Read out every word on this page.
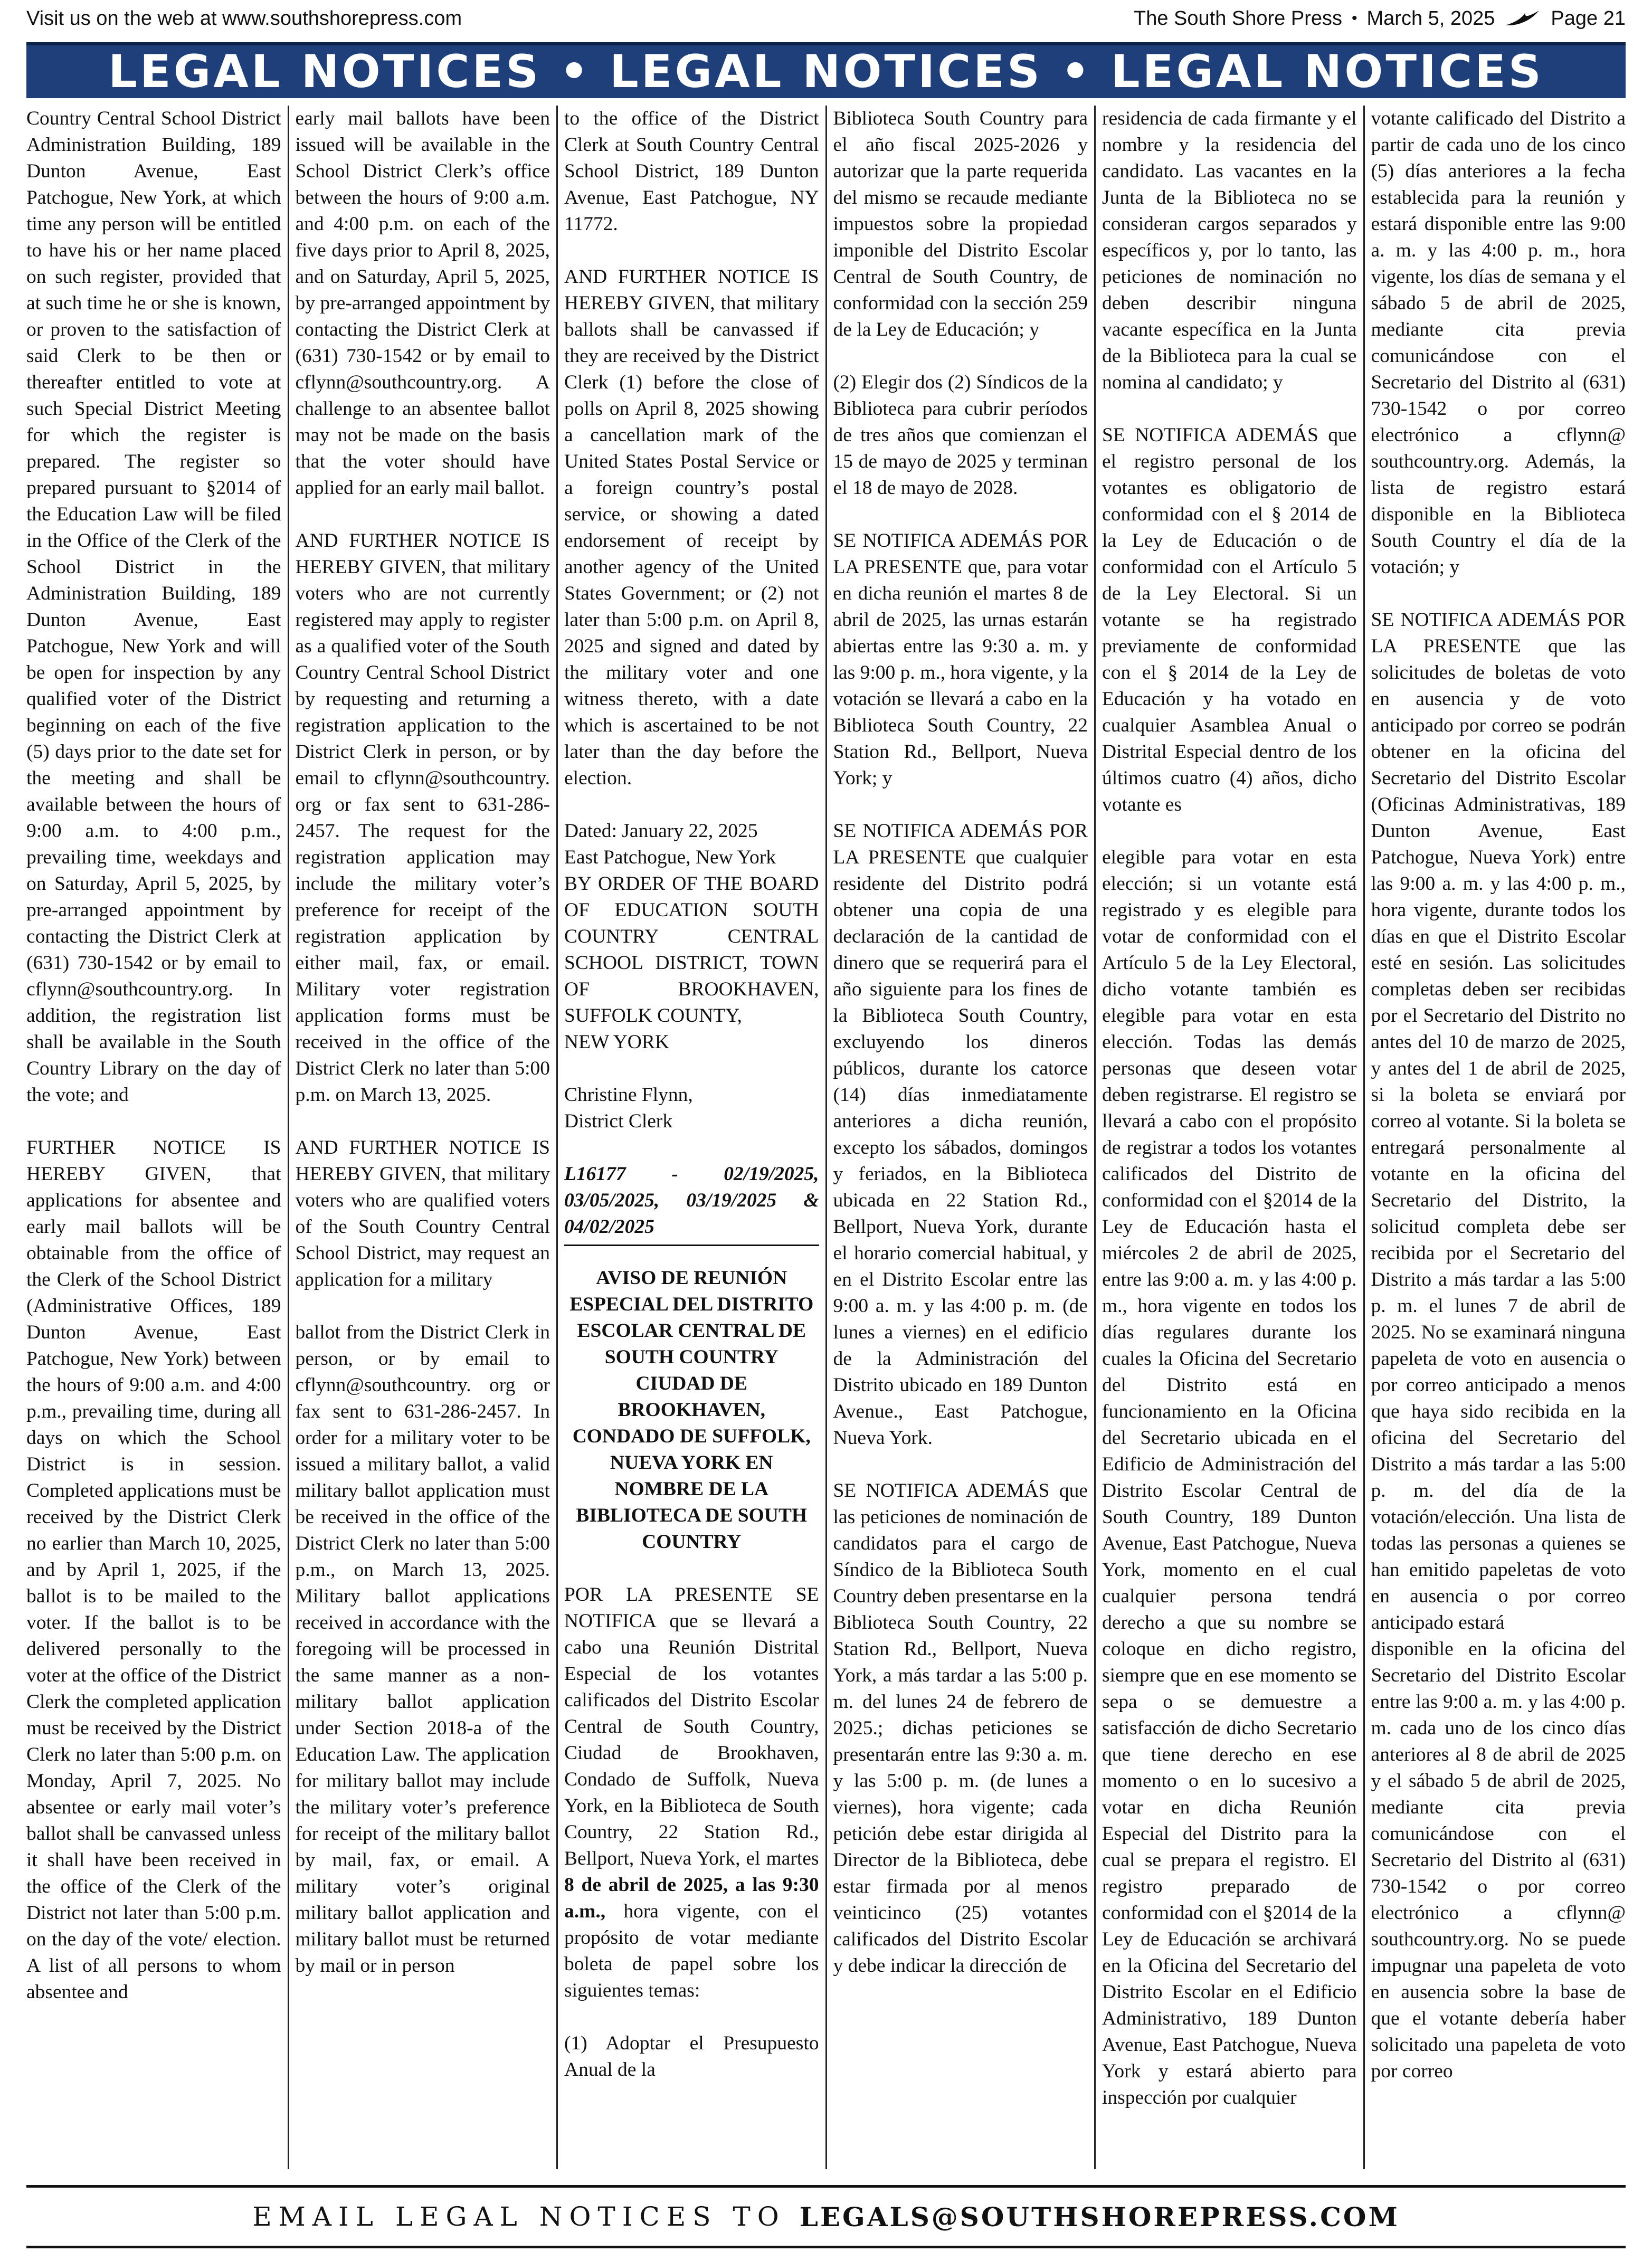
Visit us on the web at www.southshorepress.com	The South Shore Press • March 5, 2025	Page 21
LEGAL NOTICES • LEGAL NOTICES • LEGAL NOTICES

Country Central School District Administration Building, 189 Dunton Avenue, East Patchogue, New York, at which time any person will be entitled to have his or her name placed on such register, provided that at such time he or she is known, or proven to the satisfaction of said Clerk to be then or thereafter entitled to vote at such Special District Meeting for which the register is prepared. The register so prepared pursuant to §2014 of the Education Law will be filed in the Office of the Clerk of the School District in the Administration Building, 189 Dunton Avenue, East Patchogue, New York and will be open for inspection by any qualified voter of the District beginning on each of the five (5) days prior to the date set for the meeting and shall be available between the hours of 9:00 a.m. to 4:00 p.m., prevailing time, weekdays and on Saturday, April 5, 2025, by pre-arranged appointment by contacting the District Clerk at (631) 730-1542 or by email to cflynn@southcountry.org. In addition, the registration list shall be available in the South Country Library on the day of the vote; and

FURTHER NOTICE IS HEREBY GIVEN, that applications for absentee and early mail ballots will be obtainable from the office of the Clerk of the School District (Administrative Offices, 189 Dunton Avenue, East Patchogue, New York) between the hours of 9:00 a.m. and 4:00 p.m., prevailing time, during all days on which the School District is in session. Completed applications must be received by the District Clerk no earlier than March 10, 2025, and by April 1, 2025, if the ballot is to be mailed to the voter. If the ballot is to be delivered personally to the voter at the office of the District Clerk the completed application must be received by the District Clerk no later than 5:00 p.m. on Monday, April 7, 2025. No absentee or early mail voter’s ballot shall be canvassed unless it shall have been received in the office of the Clerk of the District not later than 5:00 p.m. on the day of the vote/ election. A list of all persons to whom absentee and

early mail ballots have been issued will be available in the School District Clerk’s office between the hours of 9:00 a.m. and 4:00 p.m. on each of the five days prior to April 8, 2025, and on Saturday, April 5, 2025, by pre-arranged appointment by contacting the District Clerk at (631) 730-1542 or by email to cflynn@southcountry.org. A challenge to an absentee ballot may not be made on the basis that the voter should have applied for an early mail ballot.

AND FURTHER NOTICE IS HEREBY GIVEN, that military voters who are not currently registered may apply to register as a qualified voter of the South Country Central School District by requesting and returning a registration application to the District Clerk in person, or by email to cflynn@southcountry. org or fax sent to 631-286-2457. The request for the registration application may include the military voter’s preference for receipt of the registration application by either mail, fax, or email. Military voter registration application forms must be received in the office of the District Clerk no later than 5:00 p.m. on March 13, 2025.

AND FURTHER NOTICE IS HEREBY GIVEN, that military voters who are qualified voters of the South Country Central School District, may request an application for a military

ballot from the District Clerk in person, or by email to cflynn@southcountry. org or fax sent to 631-286-2457. In order for a military voter to be issued a military ballot, a valid military ballot application must be received in the office of the District Clerk no later than 5:00 p.m., on March 13, 2025. Military ballot applications received in accordance with the foregoing will be processed in the same manner as a non-military ballot application under Section 2018-a of the Education Law. The application for military ballot may include the military voter’s preference for receipt of the military ballot by mail, fax, or email. A military voter’s original military ballot application and military ballot must be returned by mail or in person

to the office of the District Clerk at South Country Central School District, 189 Dunton Avenue, East Patchogue, NY 11772.

AND FURTHER NOTICE IS HEREBY GIVEN, that military ballots shall be canvassed if they are received by the District Clerk (1) before the close of polls on April 8, 2025 showing a cancellation mark of the United States Postal Service or a foreign country’s postal service, or showing a dated endorsement of receipt by another agency of the United States Government; or (2) not later than 5:00 p.m. on April 8, 2025 and signed and dated by the military voter and one witness thereto, with a date which is ascertained to be not later than the day before the election.

Dated: January 22, 2025

East Patchogue, New York

BY ORDER OF THE BOARD OF EDUCATION SOUTH COUNTRY CENTRAL SCHOOL DISTRICT, TOWN OF BROOKHAVEN, SUFFOLK COUNTY,

NEW YORK

Christine Flynn,

District Clerk

L16177 - 02/19/2025, 03/05/2025, 03/19/2025 & 04/02/2025

AVISO DE REUNIÓN ESPECIAL DEL DISTRITO ESCOLAR CENTRAL DE SOUTH COUNTRY CIUDAD DE BROOKHAVEN, CONDADO DE SUFFOLK, NUEVA YORK EN NOMBRE DE LA BIBLIOTECA DE SOUTH COUNTRY

POR LA PRESENTE SE NOTIFICA que se llevará a cabo una Reunión Distrital Especial de los votantes calificados del Distrito Escolar Central de South Country, Ciudad de Brookhaven, Condado de Suffolk, Nueva York, en la Biblioteca de South Country, 22 Station Rd., Bellport, Nueva York, el martes 8 de abril de 2025, a las 9:30 a.m., hora vigente, con el propósito de votar mediante boleta de papel sobre los siguientes temas:

(1) Adoptar el Presupuesto Anual de la

Biblioteca South Country para el año fiscal 2025-2026 y autorizar que la parte requerida del mismo se recaude mediante impuestos sobre la propiedad imponible del Distrito Escolar Central de South Country, de conformidad con la sección 259 de la Ley de Educación; y

(2) Elegir dos (2) Síndicos de la Biblioteca para cubrir períodos de tres años que comienzan el 15 de mayo de 2025 y terminan el 18 de mayo de 2028.

SE NOTIFICA ADEMÁS POR LA PRESENTE que, para votar en dicha reunión el martes 8 de abril de 2025, las urnas estarán abiertas entre las 9:30 a. m. y las 9:00 p. m., hora vigente, y la votación se llevará a cabo en la Biblioteca South Country, 22 Station Rd., Bellport, Nueva York; y

SE NOTIFICA ADEMÁS POR LA PRESENTE que cualquier residente del Distrito podrá obtener una copia de una declaración de la cantidad de dinero que se requerirá para el año siguiente para los fines de la Biblioteca South Country, excluyendo los dineros públicos, durante los catorce (14) días inmediatamente anteriores a dicha reunión, excepto los sábados, domingos y feriados, en la Biblioteca ubicada en 22 Station Rd., Bellport, Nueva York, durante el horario comercial habitual, y en el Distrito Escolar entre las 9:00 a. m. y las 4:00 p. m. (de lunes a viernes) en el edificio de la Administración del Distrito ubicado en 189 Dunton Avenue., East Patchogue, Nueva York.

SE NOTIFICA ADEMÁS que las peticiones de nominación de candidatos para el cargo de Síndico de la Biblioteca South Country deben presentarse en la Biblioteca South Country, 22 Station Rd., Bellport, Nueva York, a más tardar a las 5:00 p. m. del lunes 24 de febrero de 2025.; dichas peticiones se presentarán entre las 9:30 a. m. y las 5:00 p. m. (de lunes a viernes), hora vigente; cada petición debe estar dirigida al Director de la Biblioteca, debe estar firmada por al menos veinticinco (25) votantes calificados del Distrito Escolar y debe indicar la dirección de

residencia de cada firmante y el nombre y la residencia del candidato. Las vacantes en la Junta de la Biblioteca no se consideran cargos separados y específicos y, por lo tanto, las peticiones de nominación no deben describir ninguna vacante específica en la Junta de la Biblioteca para la cual se nomina al candidato; y

SE NOTIFICA ADEMÁS que el registro personal de los votantes es obligatorio de conformidad con el § 2014 de la Ley de Educación o de conformidad con el Artículo 5 de la Ley Electoral. Si un votante se ha registrado previamente de conformidad con el § 2014 de la Ley de Educación y ha votado en cualquier Asamblea Anual o Distrital Especial dentro de los últimos cuatro (4) años, dicho votante es

elegible para votar en esta elección; si un votante está registrado y es elegible para votar de conformidad con el Artículo 5 de la Ley Electoral, dicho votante también es elegible para votar en esta elección. Todas las demás personas que deseen votar deben registrarse. El registro se llevará a cabo con el propósito de registrar a todos los votantes calificados del Distrito de conformidad con el §2014 de la Ley de Educación hasta el miércoles 2 de abril de 2025, entre las 9:00 a. m. y las 4:00 p. m., hora vigente en todos los días regulares durante los cuales la Oficina del Secretario del Distrito está en funcionamiento en la Oficina del Secretario ubicada en el Edificio de Administración del Distrito Escolar Central de South Country, 189 Dunton Avenue, East Patchogue, Nueva York, momento en el cual cualquier persona tendrá derecho a que su nombre se coloque en dicho registro, siempre que en ese momento se sepa o se demuestre a satisfacción de dicho Secretario que tiene derecho en ese momento o en lo sucesivo a votar en dicha Reunión Especial del Distrito para la cual se prepara el registro. El registro preparado de conformidad con el §2014 de la Ley de Educación se archivará en la Oficina del Secretario del Distrito Escolar en el Edificio Administrativo, 189 Dunton Avenue, East Patchogue, Nueva York y estará abierto para inspección por cualquier

votante calificado del Distrito a partir de cada uno de los cinco (5) días anteriores a la fecha establecida para la reunión y estará disponible entre las 9:00 a. m. y las 4:00 p. m., hora vigente, los días de semana y el sábado 5 de abril de 2025, mediante cita previa comunicándose con el Secretario del Distrito al (631) 730-1542 o por correo electrónico a cflynn@ southcountry.org. Además, la lista de registro estará disponible en la Biblioteca South Country el día de la votación; y

SE NOTIFICA ADEMÁS POR LA PRESENTE que las solicitudes de boletas de voto en ausencia y de voto anticipado por correo se podrán obtener en la oficina del Secretario del Distrito Escolar (Oficinas Administrativas, 189 Dunton Avenue, East Patchogue, Nueva York) entre las 9:00 a. m. y las 4:00 p. m., hora vigente, durante todos los días en que el Distrito Escolar esté en sesión. Las solicitudes completas deben ser recibidas por el Secretario del Distrito no antes del 10 de marzo de 2025, y antes del 1 de abril de 2025, si la boleta se enviará por correo al votante. Si la boleta se entregará personalmente al votante en la oficina del Secretario del Distrito, la solicitud completa debe ser recibida por el Secretario del Distrito a más tardar a las 5:00 p. m. el lunes 7 de abril de 2025. No se examinará ninguna papeleta de voto en ausencia o por correo anticipado a menos que haya sido recibida en la oficina del Secretario del Distrito a más tardar a las 5:00 p. m. del día de la votación/elección. Una lista de todas las personas a quienes se han emitido papeletas de voto en ausencia o por correo anticipado estará

disponible en la oficina del Secretario del Distrito Escolar entre las 9:00 a. m. y las 4:00 p. m. cada uno de los cinco días anteriores al 8 de abril de 2025 y el sábado 5 de abril de 2025, mediante cita previa comunicándose con el Secretario del Distrito al (631) 730-1542 o por correo electrónico a cflynn@ southcountry.org. No se puede impugnar una papeleta de voto en ausencia sobre la base de que el votante debería haber solicitado una papeleta de voto por correo

EMAIL LEGAL NOTICES TO LEGALS@SOUTHSHOREPRESS.COM
